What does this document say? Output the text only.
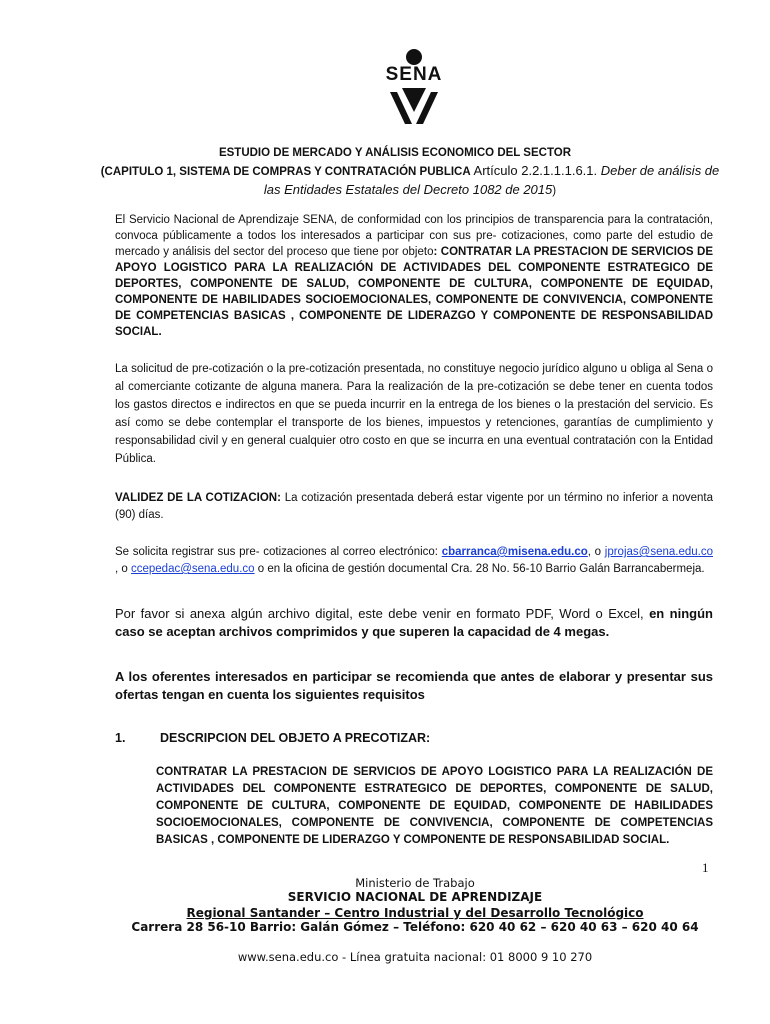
SENA
ESTUDIO DE MERCADO Y ANÁLISIS ECONOMICO DEL SECTOR
(CAPITULO 1, SISTEMA DE COMPRAS Y CONTRATACIÓN PUBLICA Artículo 2.2.1.1.1.6.1. Deber de análisis de las Entidades Estatales del Decreto 1082 de 2015)
El Servicio Nacional de Aprendizaje SENA, de conformidad con los principios de transparencia para la contratación, convoca públicamente a todos los interesados a participar con sus pre- cotizaciones, como parte del estudio de mercado y análisis del sector del proceso que tiene por objeto: CONTRATAR LA PRESTACION DE SERVICIOS DE APOYO LOGISTICO PARA LA REALIZACIÓN DE ACTIVIDADES DEL COMPONENTE ESTRATEGICO DE DEPORTES, COMPONENTE DE SALUD, COMPONENTE DE CULTURA, COMPONENTE DE EQUIDAD, COMPONENTE DE HABILIDADES SOCIOEMOCIONALES, COMPONENTE DE CONVIVENCIA, COMPONENTE DE COMPETENCIAS BASICAS , COMPONENTE DE LIDERAZGO Y COMPONENTE DE RESPONSABILIDAD SOCIAL.
La solicitud de pre-cotización o la pre-cotización presentada, no constituye negocio jurídico alguno u obliga al Sena o al comerciante cotizante de alguna manera. Para la realización de la pre-cotización se debe tener en cuenta todos los gastos directos e indirectos en que se pueda incurrir en la entrega de los bienes o la prestación del servicio. Es así como se debe contemplar el transporte de los bienes, impuestos y retenciones, garantías de cumplimiento y responsabilidad civil y en general cualquier otro costo en que se incurra en una eventual contratación con la Entidad Pública.
VALIDEZ DE LA COTIZACION: La cotización presentada deberá estar vigente por un término no inferior a noventa (90) días.
Se solicita registrar sus pre- cotizaciones al correo electrónico: cbarranca@misena.edu.co, o jprojas@sena.edu.co , o ccepedac@sena.edu.co o en la oficina de gestión documental Cra. 28 No. 56-10 Barrio Galán Barrancabermeja.
Por favor si anexa algún archivo digital, este debe venir en formato PDF, Word o Excel, en ningún caso se aceptan archivos comprimidos y que superen la capacidad de 4 megas.
A los oferentes interesados en participar se recomienda que antes de elaborar y presentar sus ofertas tengan en cuenta los siguientes requisitos
1.	DESCRIPCION DEL OBJETO A PRECOTIZAR:
CONTRATAR LA PRESTACION DE SERVICIOS DE APOYO LOGISTICO PARA LA REALIZACIÓN DE ACTIVIDADES DEL COMPONENTE ESTRATEGICO DE DEPORTES, COMPONENTE DE SALUD, COMPONENTE DE CULTURA, COMPONENTE DE EQUIDAD, COMPONENTE DE HABILIDADES SOCIOEMOCIONALES, COMPONENTE DE CONVIVENCIA, COMPONENTE DE COMPETENCIAS BASICAS , COMPONENTE DE LIDERAZGO Y COMPONENTE DE RESPONSABILIDAD SOCIAL.
1
Ministerio de Trabajo
SERVICIO NACIONAL DE APRENDIZAJE
Regional Santander – Centro Industrial y del Desarrollo Tecnológico
Carrera 28 56-10 Barrio: Galán Gómez – Teléfono: 620 40 62 – 620 40 63 – 620 40 64
www.sena.edu.co - Línea gratuita nacional: 01 8000 9 10 270
